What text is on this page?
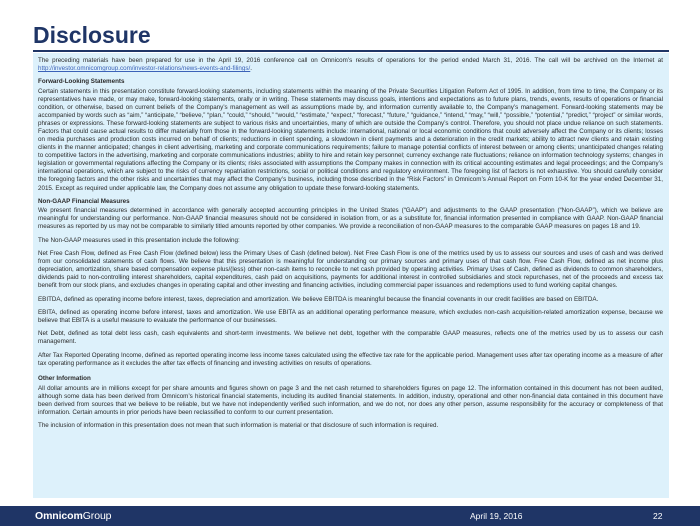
Disclosure

The preceding materials have been prepared for use in the April 19, 2016 conference call on Omnicom’s results of operations for the period ended March 31, 2016. The call will be archived on the Internet at http://investor.omnicomgroup.com/investor-relations/news-events-and-filings/.

Forward-Looking Statements

Certain statements in this presentation constitute forward-looking statements, including statements within the meaning of the Private Securities Litigation Reform Act of 1995. In addition, from time to time, the Company or its representatives have made, or may make, forward-looking statements, orally or in writing. These statements may discuss goals, intentions and expectations as to future plans, trends, events, results of operations or financial condition, or otherwise, based on current beliefs of the Company’s management as well as assumptions made by, and information currently available to, the Company’s management. Forward-looking statements may be accompanied by words such as “aim,” “anticipate,” “believe,” “plan,” “could,” “should,” “would,” “estimate,” “expect,” “forecast,” “future,” “guidance,” “intend,” “may,” “will,” “possible,” “potential,” “predict,” “project” or similar words, phrases or expressions. These forward-looking statements are subject to various risks and uncertainties, many of which are outside the Company’s control. Therefore, you should not place undue reliance on such statements. Factors that could cause actual results to differ materially from those in the forward-looking statements include: international, national or local economic conditions that could adversely affect the Company or its clients; losses on media purchases and production costs incurred on behalf of clients; reductions in client spending, a slowdown in client payments and a deterioration in the credit markets; ability to attract new clients and retain existing clients in the manner anticipated; changes in client advertising, marketing and corporate communications requirements; failure to manage potential conflicts of interest between or among clients; unanticipated changes relating to competitive factors in the advertising, marketing and corporate communications industries; ability to hire and retain key personnel; currency exchange rate fluctuations; reliance on information technology systems; changes in legislation or governmental regulations affecting the Company or its clients; risks associated with assumptions the Company makes in connection with its critical accounting estimates and legal proceedings; and the Company’s international operations, which are subject to the risks of currency repatriation restrictions, social or political conditions and regulatory environment. The foregoing list of factors is not exhaustive. You should carefully consider the foregoing factors and the other risks and uncertainties that may affect the Company’s business, including those described in the “Risk Factors” in Omnicom’s Annual Report on Form 10-K for the year ended December 31, 2015. Except as required under applicable law, the Company does not assume any obligation to update these forward-looking statements.

Non-GAAP Financial Measures

We present financial measures determined in accordance with generally accepted accounting principles in the United States (“GAAP”) and adjustments to the GAAP presentation (“Non-GAAP”), which we believe are meaningful for understanding our performance. Non-GAAP financial measures should not be considered in isolation from, or as a substitute for, financial information presented in compliance with GAAP. Non-GAAP financial measures as reported by us may not be comparable to similarly titled amounts reported by other companies. We provide a reconciliation of non-GAAP measures to the comparable GAAP measures on pages 18 and 19.

The Non-GAAP measures used in this presentation include the following:

Net Free Cash Flow, defined as Free Cash Flow (defined below) less the Primary Uses of Cash (defined below). Net Free Cash Flow is one of the metrics used by us to assess our sources and uses of cash and was derived from our consolidated statements of cash flows. We believe that this presentation is meaningful for understanding our primary sources and primary uses of that cash flow. Free Cash Flow, defined as net income plus depreciation, amortization, share based compensation expense plus/(less) other non-cash items to reconcile to net cash provided by operating activities. Primary Uses of Cash, defined as dividends to common shareholders, dividends paid to non-controlling interest shareholders, capital expenditures, cash paid on acquisitions, payments for additional interest in controlled subsidiaries and stock repurchases, net of the proceeds and excess tax benefit from our stock plans, and excludes changes in operating capital and other investing and financing activities, including commercial paper issuances and redemptions used to fund working capital changes.

EBITDA, defined as operating income before interest, taxes, depreciation and amortization. We believe EBITDA is meaningful because the financial covenants in our credit facilities are based on EBITDA.

EBITA, defined as operating income before interest, taxes and amortization. We use EBITA as an additional operating performance measure, which excludes non-cash acquisition-related amortization expense, because we believe that EBITA is a useful measure to evaluate the performance of our businesses.

Net Debt, defined as total debt less cash, cash equivalents and short-term investments. We believe net debt, together with the comparable GAAP measures, reflects one of the metrics used by us to assess our cash management.

After Tax Reported Operating Income, defined as reported operating income less income taxes calculated using the effective tax rate for the applicable period. Management uses after tax operating income as a measure of after tax operating performance as it excludes the after tax effects of financing and investing activities on results of operations.

Other Information

All dollar amounts are in millions except for per share amounts and figures shown on page 3 and the net cash returned to shareholders figures on page 12. The information contained in this document has not been audited, although some data has been derived from Omnicom’s historical financial statements, including its audited financial statements. In addition, industry, operational and other non-financial data contained in this document have been derived from sources that we believe to be reliable, but we have not independently verified such information, and we do not, nor does any other person, assume responsibility for the accuracy or completeness of that information. Certain amounts in prior periods have been reclassified to conform to our current presentation.

The inclusion of information in this presentation does not mean that such information is material or that disclosure of such information is required.

OmnicomGroup	April 19, 2016	22
